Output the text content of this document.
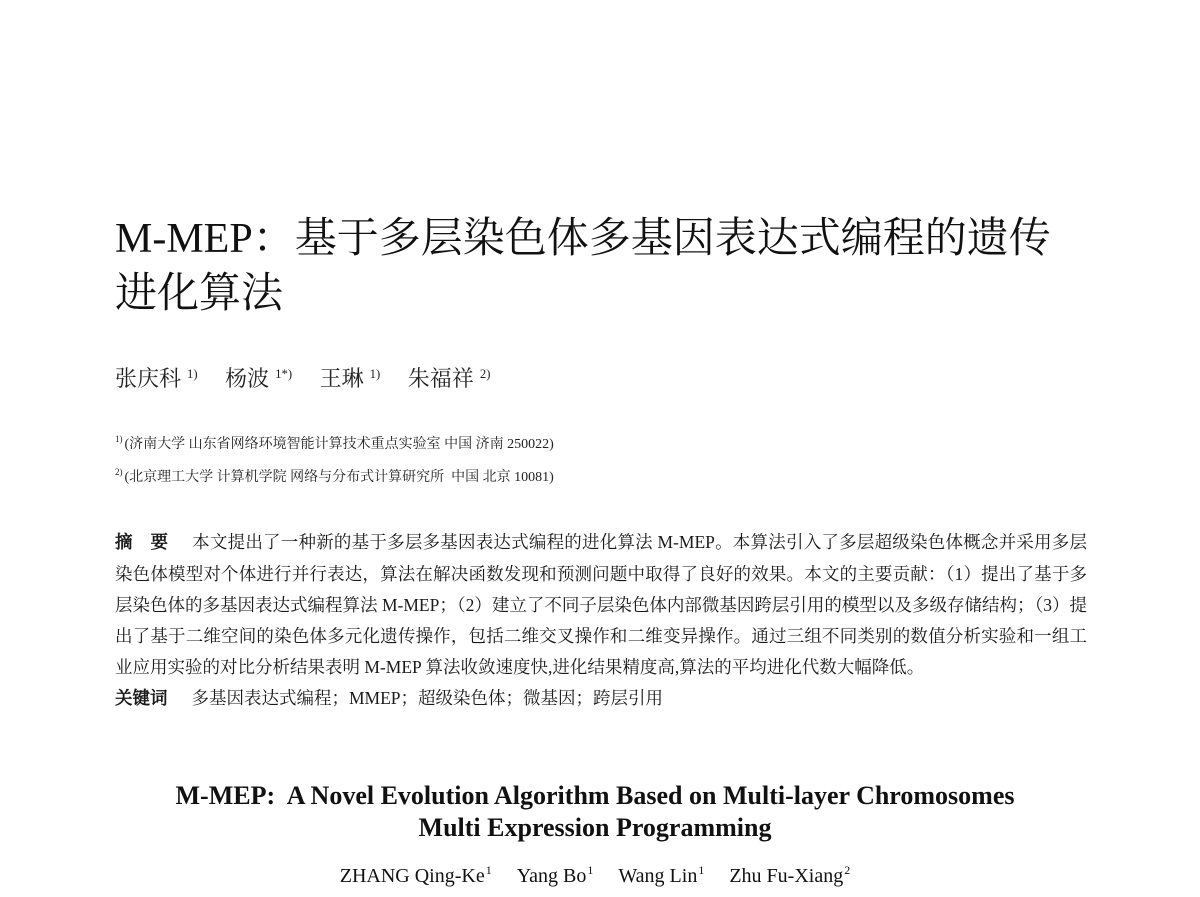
M-MEP：基于多层染色体多基因表达式编程的遗传
进化算法
张庆科 $^{1)}$ 杨波 $^{1*)}$ 王琳 $^{1)}$ 朱福祥 $^{2)}$
$^{1)}$ (济南大学 山东省网络环境智能计算技术重点实验室 中国 济南 250022)
$^{2)}$ (北京理工大学 计算机学院 网络与分布式计算研究所  中国 北京 10081)

摘　要 本文提出了一种新的基于多层多基因表达式编程的进化算法 M-MEP。本算法引入了多层超级染色体概念并采用多层染色体模型对个体进行并行表达，算法在解决函数发现和预测问题中取得了良好的效果。本文的主要贡献：（1）提出了基于多层染色体的多基因表达式编程算法 M-MEP；（2）建立了不同子层染色体内部微基因跨层引用的模型以及多级存储结构；（3）提出了基于二维空间的染色体多元化遗传操作，包括二维交叉操作和二维变异操作。通过三组不同类别的数值分析实验和一组工业应用实验的对比分析结果表明 M-MEP 算法收敛速度快,进化结果精度高,算法的平均进化代数大幅降低。

关键词 多基因表达式编程；MMEP；超级染色体；微基因；跨层引用

M-MEP:  A Novel Evolution Algorithm Based on Multi-layer Chromosomes
Multi Expression Programming
ZHANG Qing-Ke$^1$ Yang Bo$^1$ Wang Lin$^1$ Zhu Fu-Xiang$^2$
